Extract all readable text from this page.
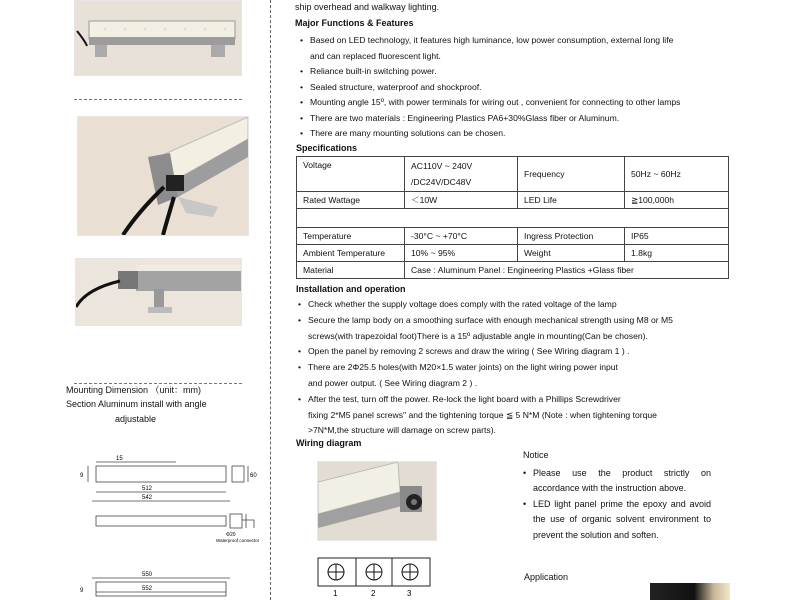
Mounting Dimension （unit：mm)
Section Aluminum install with angle
adjustable
15
9
512
542
60
Φ20
Waterproof connector
550
552
9
ship overhead and walkway lighting.
Major Functions & Features
• Based on LED technology, it features high luminance, low power consumption, external long life
and can replaced fluorescent light.
• Reliance built-in switching power.
• Sealed structure, waterproof and shockproof.
• Mounting angle 15º, with power terminals for wiring out , convenient for connecting to other lamps
• There are two materials : Engineering Plastics PA6+30%Glass fiber or Aluminum.
• There are many mounting solutions can be chosen.
Specifications
Voltage	AC110V ~ 240V
/DC24V/DC48V	Frequency	50Hz ~ 60Hz

Rated Wattage	＜10W	LED Life	≧100,000h

Temperature	-30°C ~ +70°C	Ingress Protection	IP65
Ambient Temperature	10% ~ 95%	Weight	1.8kg
Material	Case : Aluminum Panel : Engineering Plastics +Glass fiber		
Installation and operation
• Check whether the supply voltage does comply with the rated voltage of the lamp
• Secure the lamp body on a smoothing surface with enough mechanical strength using M8 or M5
screws(with trapezoidal foot)There is a 15º adjustable angle in mounting(Can be chosen).
• Open the panel by removing 2 screws and draw the wiring ( See Wiring diagram 1 ) .
• There are 2Φ25.5 holes(with M20×1.5 water joints) on the light wiring power input
and power output. ( See Wiring diagram 2 ) .
• After the test, turn off the power. Re-lock the light board with a Phillips Screwdriver
fixing 2*M5 panel screws" and the tightening torque ≦ 5 N*M (Note : when tightening torque
>7N*M,the structure will damage on screw parts).
Wiring diagram
1	2	3

Notice

• Please use the product strictly on accordance with the instruction above.
• LED light panel prime the epoxy and avoid the use of organic solvent environment to prevent the solution and soften.
Application
